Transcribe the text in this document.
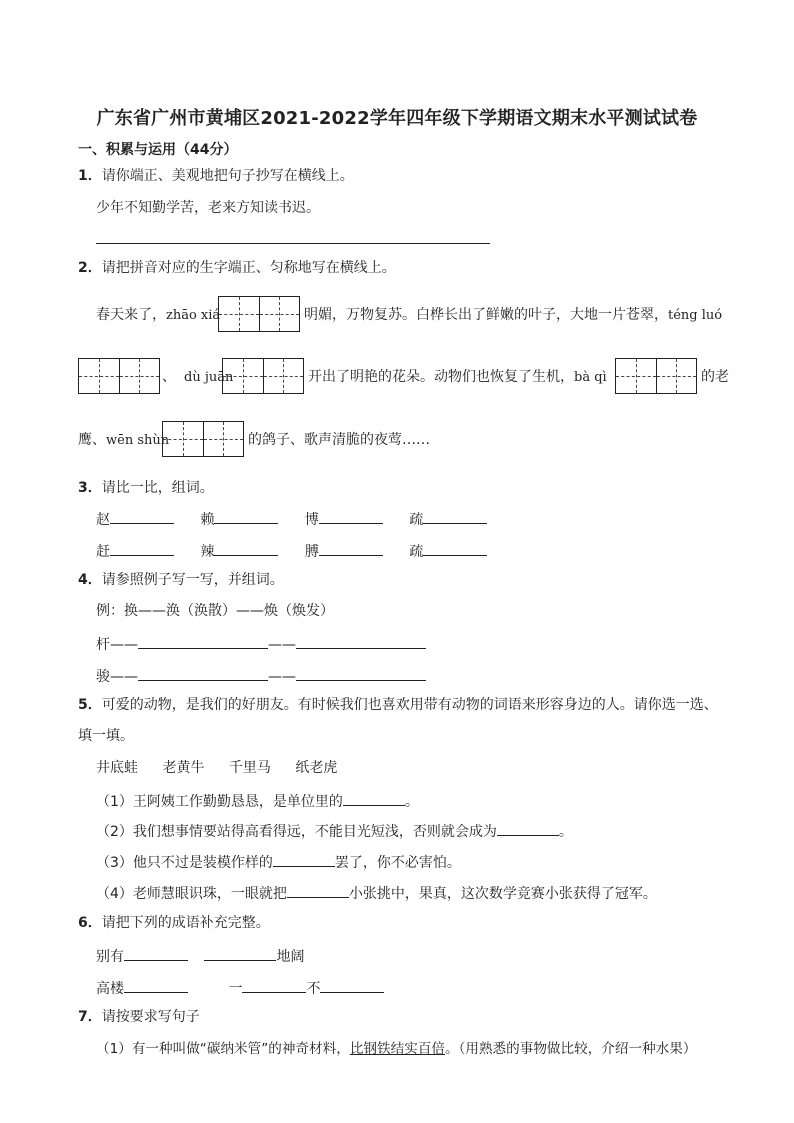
广东省广州市黄埔区2021-2022学年四年级下学期语文期末水平测试试卷
一、积累与运用（44分）
1．请你端正、美观地把句子抄写在横线上。
少年不知勤学苦，老来方知读书迟。
2．请把拼音对应的生字端正、匀称地写在横线上。
春天来了，zhāo xiá	明媚，万物复苏。白桦长出了鲜嫩的叶子，大地一片苍翠，téng luó
、 dù juān	开出了明艳的花朵。动物们也恢复了生机，bà qì	的老
鹰、wēn shùn	的鸽子、歌声清脆的夜莺……
3．请比一比，组词。
赵	赖	博	疏
赶	辣	膊	疏
4．请参照例子写一写，并组词。
例：换——涣（涣散）——焕（焕发）
杆——	——
骏——	——
5．可爱的动物，是我们的好朋友。有时候我们也喜欢用带有动物的词语来形容身边的人。请你选一选、
填一填。
井底蛙 老黄牛 千里马 纸老虎
（1）王阿姨工作勤勤恳恳，是单位里的	。
（2）我们想事情要站得高看得远，不能目光短浅，否则就会成为	。
（3）他只不过是装模作样的	罢了，你不必害怕。
（4）老师慧眼识珠，一眼就把	小张挑中，果真，这次数学竞赛小张获得了冠军。
6．请把下列的成语补充完整。
别有	地阔
高楼	一	不
7．请按要求写句子
（1）有一种叫做“碳纳米管”的神奇材料，比钢铁结实百倍。（用熟悉的事物做比较，介绍一种水果）
